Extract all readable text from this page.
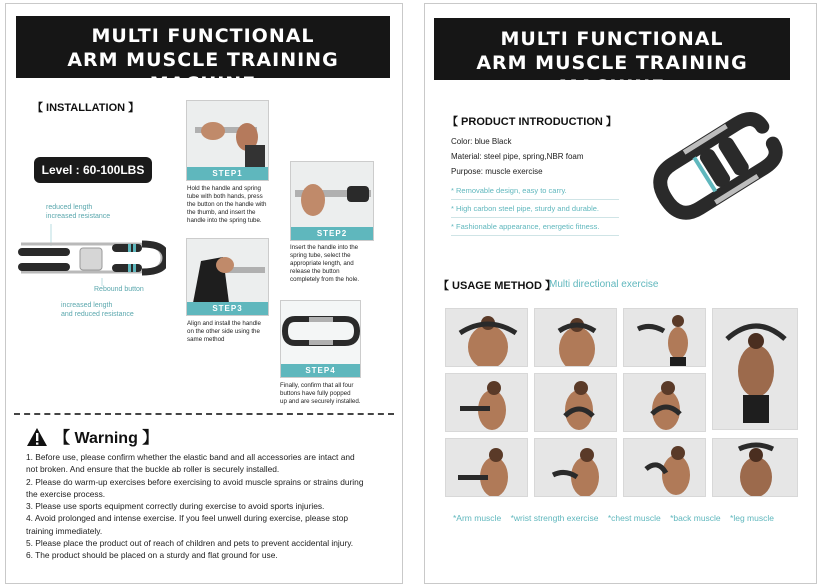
MULTI FUNCTIONAL
ARM MUSCLE TRAINING MACHINE
【 INSTALLATION 】
Level : 60-100LBS
reduced length
increased resistance
Rebound button
increased length
and reduced resistance
STEP1
Hold the handle and spring
tube with both hands, press
the button on the handle with
the thumb, and insert the
handle into the spring tube.
STEP2
Insert the handle into the
spring tube, select the
appropriate length, and
release the button
completely from the hole.
STEP3
Align and install the handle
on the other side using the
same method
STEP4
Finally, confirm that all four
buttons have fully popped
up and are securely installed.
【 Warning 】
1. Before use, please confirm whether the elastic band and all accessories are intact and
not broken. And ensure that the buckle ab roller is securely installed.
2. Please do warm-up exercises before exercising to avoid muscle sprains or strains during
the exercise process.
3. Please use sports equipment correctly during exercise to avoid sports injuries.
4. Avoid prolonged and intense exercise. If you feel unwell during exercise, please stop
training immediately.
5. Please place the product out of reach of children and pets to prevent accidental injury.
6. The product should be placed on a sturdy and flat ground for use.
MULTI FUNCTIONAL
ARM MUSCLE TRAINING MACHINE
【 PRODUCT INTRODUCTION 】
Color: blue Black
Material: steel pipe, spring,NBR foam
Purpose: muscle exercise
* Removable design, easy to carry.
* High carbon steel pipe, sturdy and durable.
* Fashionable appearance, energetic fitness.
【 USAGE METHOD 】
Multi directional exercise
*Arm muscle *wrist strength exercise *chest muscle *back muscle *leg muscle
